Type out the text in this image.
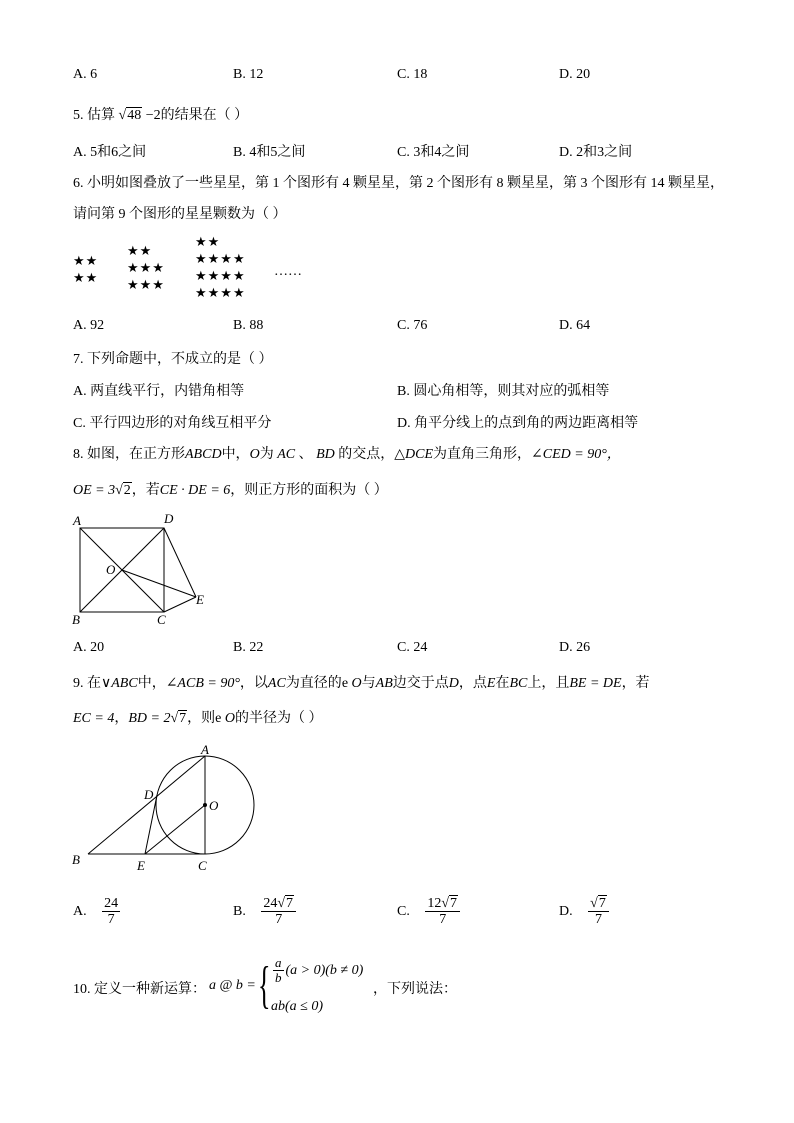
A. 6	B. 12	C. 18	D. 20
5. 估算 √48 −2的结果在（ ）
A. 5和6之间	B. 4和5之间	C. 3和4之间	D. 2和3之间
6. 小明如图叠放了一些星星，第 1 个图形有 4 颗星星，第 2 个图形有 8 颗星星，第 3 个图形有 14 颗星星，
请问第 9 个图形的星星颗数为（ ）
★★
★★
★★
★★★
★★★
★★
★★★★
★★★★
★★★★
……
A. 92	B. 88	C. 76	D. 64
7. 下列命题中，不成立的是（ ）
A. 两直线平行，内错角相等	B. 圆心角相等，则其对应的弧相等
C. 平行四边形的对角线互相平分	D. 角平分线上的点到角的两边距离相等
8. 如图，在正方形ABCD中，O为 AC 、 BD 的交点，△DCE为直角三角形，∠CED = 90°，
OE = 3√2，若CE · DE = 6，则正方形的面积为（ ）
A	D
O
E
B	C
A. 20	B. 22	C. 24	D. 26
9. 在∨ABC中，∠ACB = 90°，以AC为直径的e O与AB边交于点D，点E在BC上，且BE = DE，若
EC = 4，BD = 2√7，则e O的半径为（ ）
A
D
O
B	E	C
A. $\frac{24}{7}$	B. $\frac{24√7}{7}$	C. $\frac{12√7}{7}$	D. $\frac{√7}{7}$
10. 定义一种新运算： a @ b = { $\frac{a}{b} (a > 0)(b \ne 0)$
ab(a ≤ 0)
，下列说法：
